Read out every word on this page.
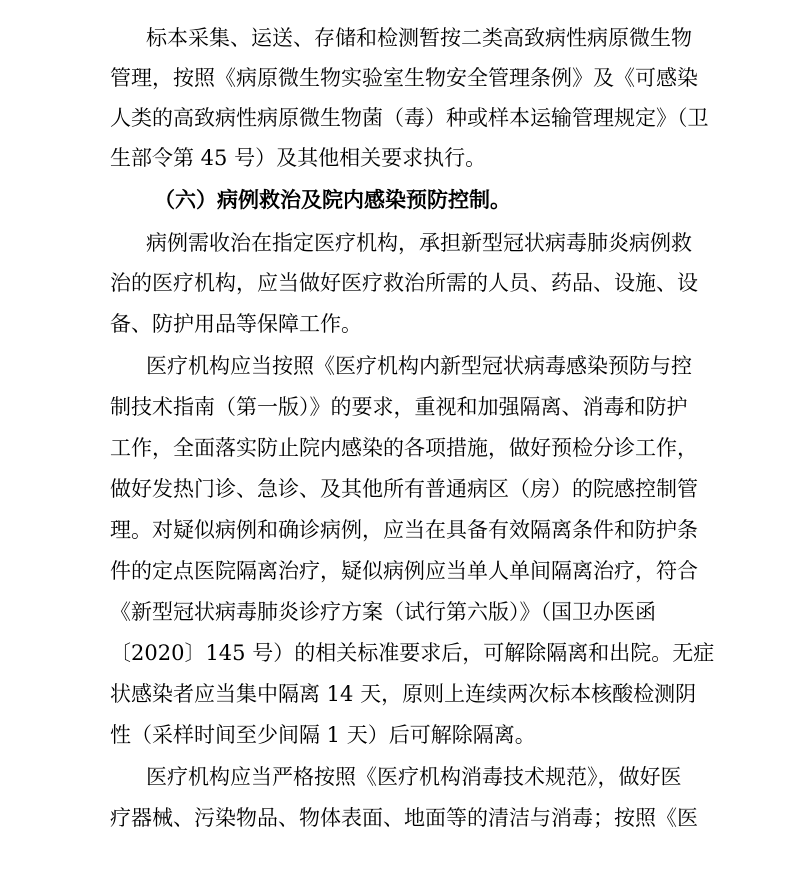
标本采集、运送、存储和检测暂按二类高致病性病原微生物
管理，按照《病原微生物实验室生物安全管理条例》及《可感染
人类的高致病性病原微生物菌（毒）种或样本运输管理规定》（卫
生部令第 45 号）及其他相关要求执行。
（六）病例救治及院内感染预防控制。
病例需收治在指定医疗机构，承担新型冠状病毒肺炎病例救
治的医疗机构，应当做好医疗救治所需的人员、药品、设施、设
备、防护用品等保障工作。
医疗机构应当按照《医疗机构内新型冠状病毒感染预防与控
制技术指南（第一版）》的要求，重视和加强隔离、消毒和防护
工作，全面落实防止院内感染的各项措施，做好预检分诊工作，
做好发热门诊、急诊、及其他所有普通病区（房）的院感控制管
理。对疑似病例和确诊病例，应当在具备有效隔离条件和防护条
件的定点医院隔离治疗，疑似病例应当单人单间隔离治疗，符合
《新型冠状病毒肺炎诊疗方案（试行第六版）》（国卫办医函
〔2020〕145 号）的相关标准要求后，可解除隔离和出院。无症
状感染者应当集中隔离 14 天，原则上连续两次标本核酸检测阴
性（采样时间至少间隔 1 天）后可解除隔离。
医疗机构应当严格按照《医疗机构消毒技术规范》，做好医
疗器械、污染物品、物体表面、地面等的清洁与消毒；按照《医
